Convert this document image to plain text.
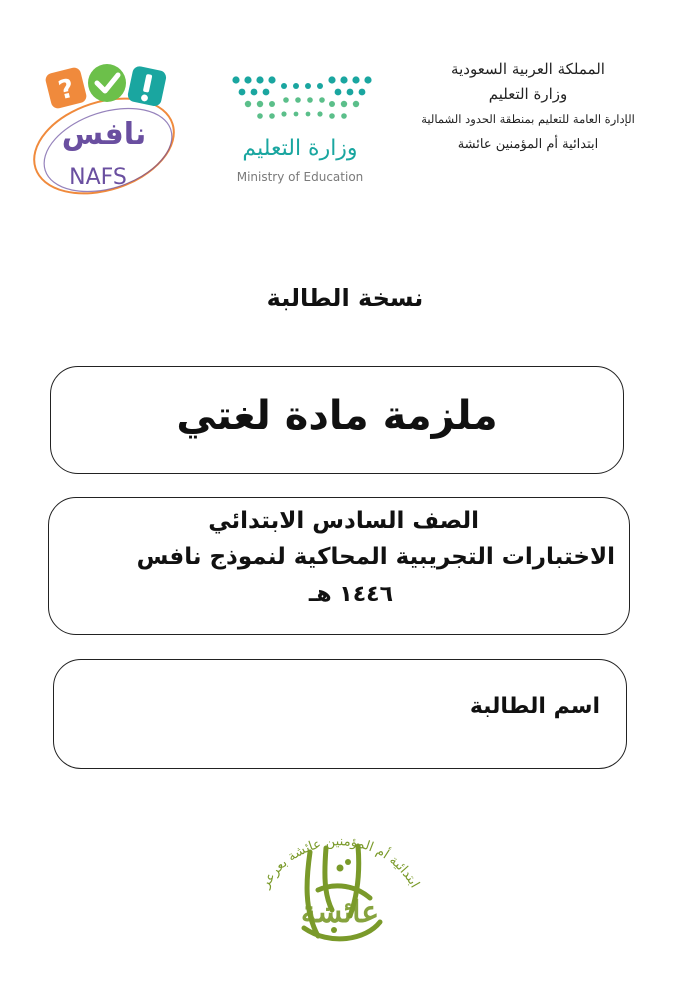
?
نافس
NAFS
وزارة التعليم
Ministry of Education
المملكة العربية السعودية
وزارة التعليم
الإدارة العامة للتعليم بمنطقة الحدود الشمالية
ابتدائية أم المؤمنين عائشة
نسخة الطالبة
ملزمة مادة لغتي
الصف السادس الابتدائي
الاختبارات التجريبية المحاكية لنموذج نافس
١٤٤٦ هـ
اسم الطالبة
ابتدائية أم المؤمنين عائشة بعرعر
عائشة
